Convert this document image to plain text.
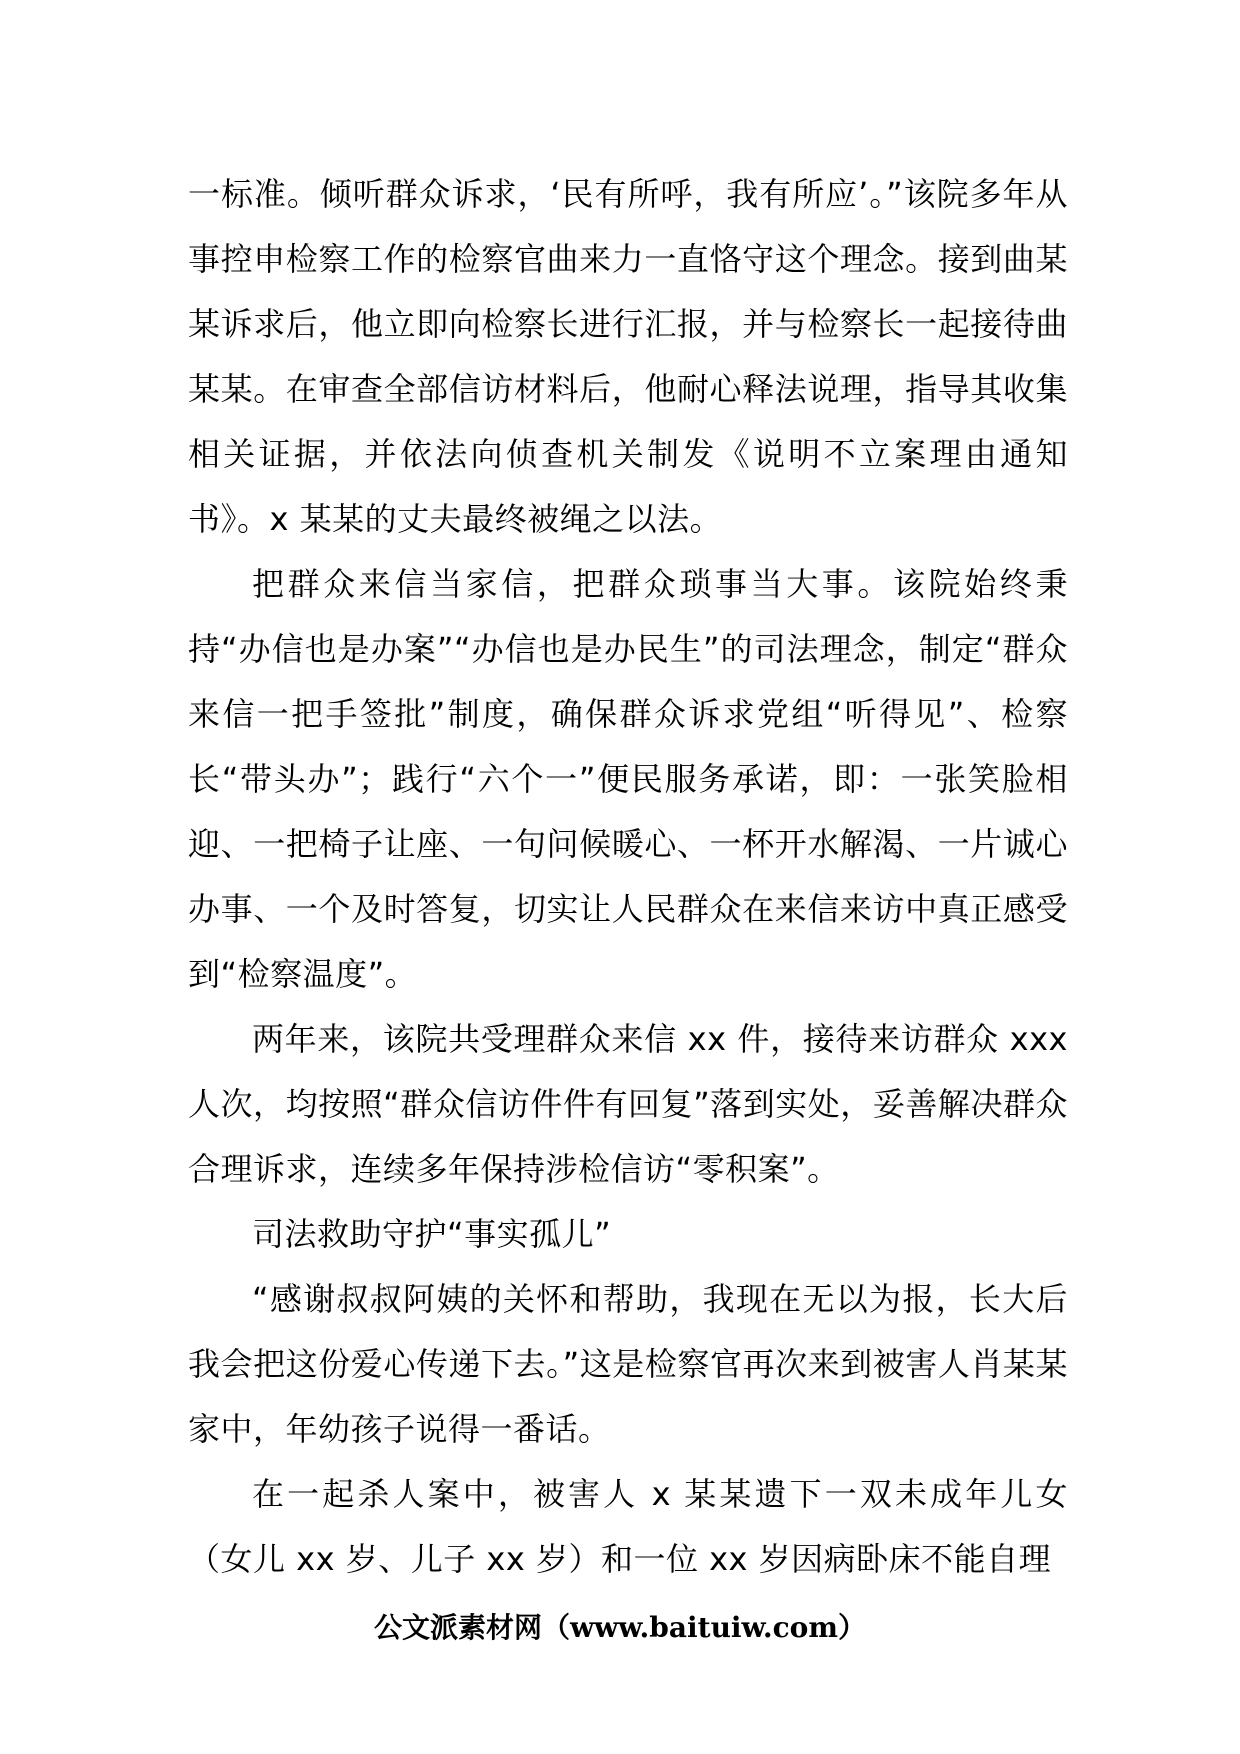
一标准。倾听群众诉求，‘民有所呼，我有所应’。”该院多年从事控申检察工作的检察官曲来力一直恪守这个理念。接到曲某某诉求后，他立即向检察长进行汇报，并与检察长一起接待曲某某。在审查全部信访材料后，他耐心释法说理，指导其收集相关证据，并依法向侦查机关制发《说明不立案理由通知书》。x 某某的丈夫最终被绳之以法。

把群众来信当家信，把群众琐事当大事。该院始终秉持“办信也是办案”“办信也是办民生”的司法理念，制定“群众来信一把手签批”制度，确保群众诉求党组“听得见”、检察长“带头办”；践行“六个一”便民服务承诺，即：一张笑脸相迎、一把椅子让座、一句问候暖心、一杯开水解渴、一片诚心办事、一个及时答复，切实让人民群众在来信来访中真正感受到“检察温度”。

两年来，该院共受理群众来信 xx 件，接待来访群众 xxx 人次，均按照“群众信访件件有回复”落到实处，妥善解决群众合理诉求，连续多年保持涉检信访“零积案”。

司法救助守护“事实孤儿”

“感谢叔叔阿姨的关怀和帮助，我现在无以为报，长大后我会把这份爱心传递下去。”这是检察官再次来到被害人肖某某家中，年幼孩子说得一番话。

在一起杀人案中，被害人 x 某某遗下一双未成年儿女（女儿 xx 岁、儿子 xx 岁）和一位 xx 岁因病卧床不能自理

公文派素材网（www.baituiw.com）
